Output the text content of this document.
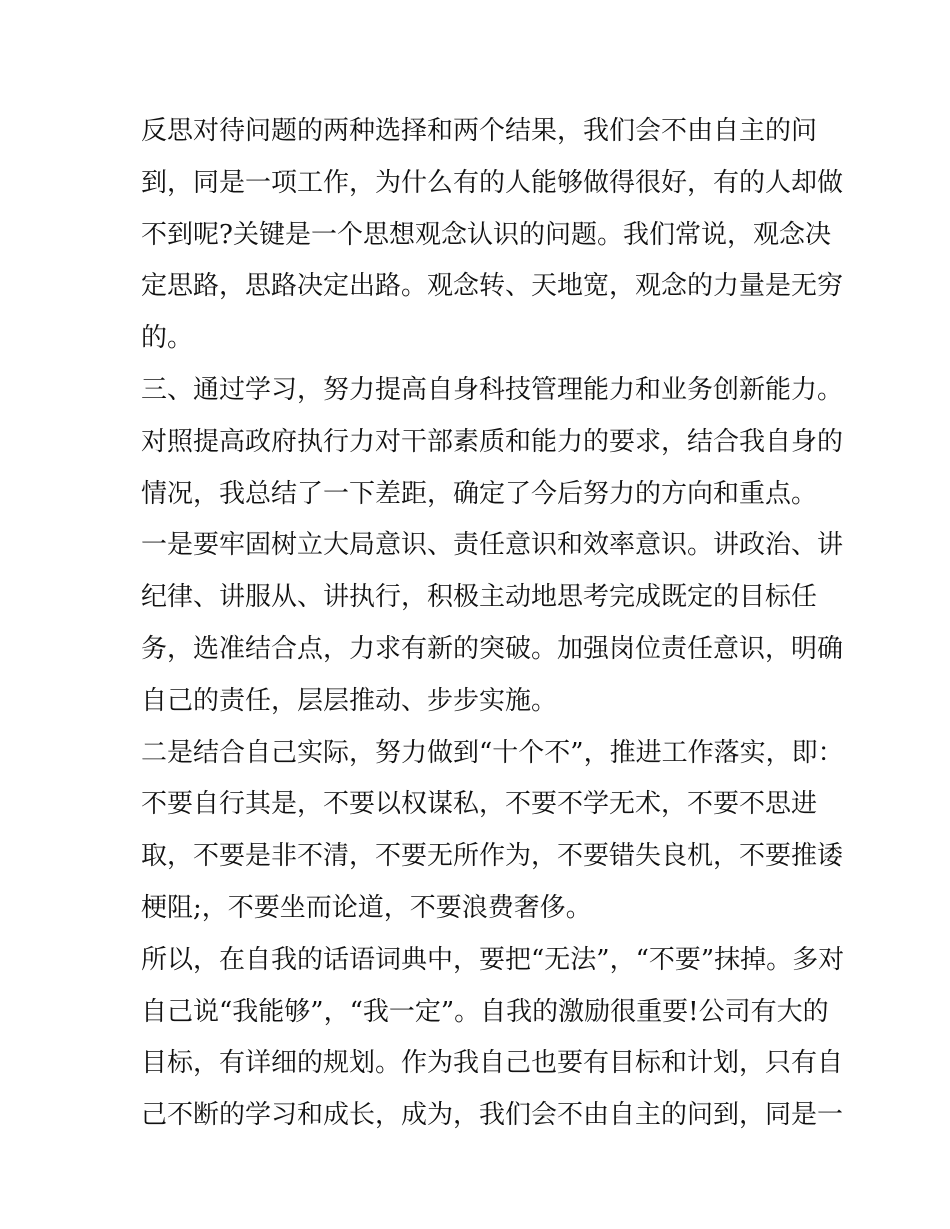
反思对待问题的两种选择和两个结果，我们会不由自主的问
到，同是一项工作，为什么有的人能够做得很好，有的人却做
不到呢?关键是一个思想观念认识的问题。我们常说，观念决
定思路，思路决定出路。观念转、天地宽，观念的力量是无穷
的。
三、通过学习，努力提高自身科技管理能力和业务创新能力。
对照提高政府执行力对干部素质和能力的要求，结合我自身的
情况，我总结了一下差距，确定了今后努力的方向和重点。
一是要牢固树立大局意识、责任意识和效率意识。讲政治、讲
纪律、讲服从、讲执行，积极主动地思考完成既定的目标任
务，选准结合点，力求有新的突破。加强岗位责任意识，明确
自己的责任，层层推动、步步实施。
二是结合自己实际，努力做到“十个不”，推进工作落实，即：
不要自行其是，不要以权谋私，不要不学无术，不要不思进
取，不要是非不清，不要无所作为，不要错失良机，不要推诿
梗阻;，不要坐而论道，不要浪费奢侈。
所以，在自我的话语词典中，要把“无法”，“不要”抹掉。多对
自己说“我能够”，“我一定”。自我的激励很重要!公司有大的
目标，有详细的规划。作为我自己也要有目标和计划，只有自
己不断的学习和成长，成为，我们会不由自主的问到，同是一
